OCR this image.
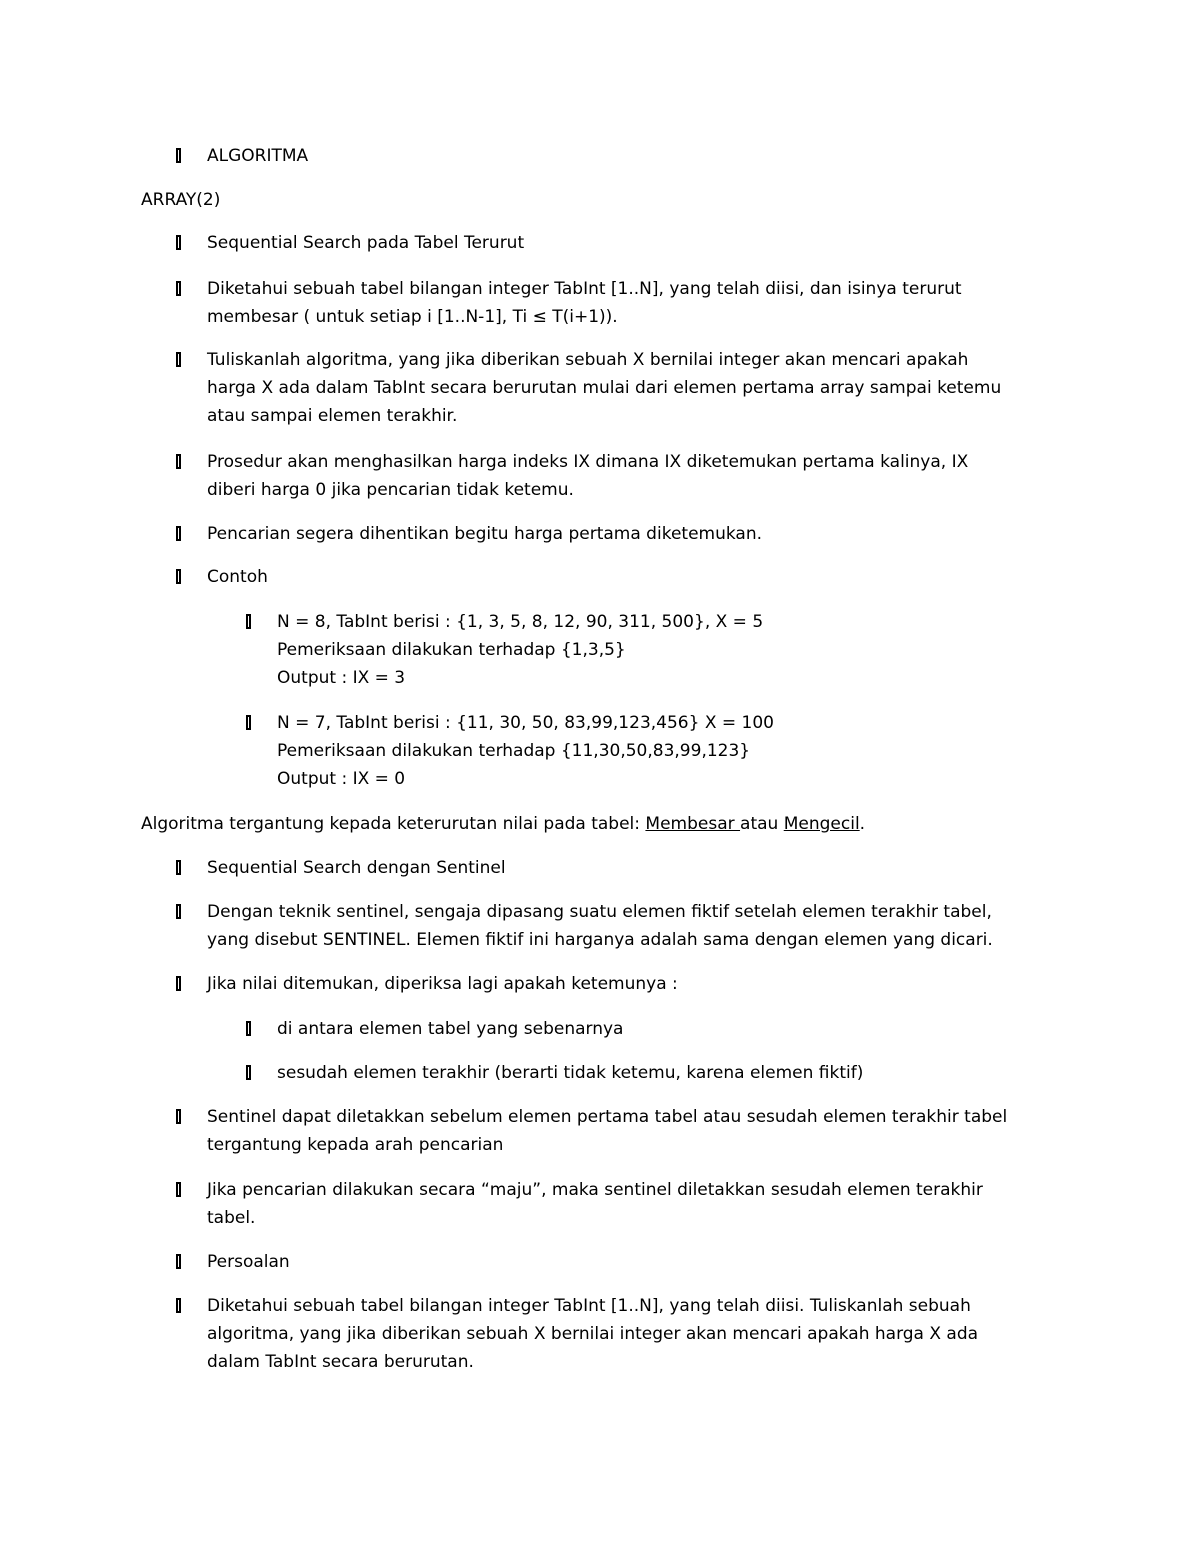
ALGORITMA
ARRAY(2)
Sequential Search pada Tabel Terurut
Diketahui sebuah tabel bilangan integer TabInt [1..N], yang telah diisi, dan isinya terurut
membesar ( untuk setiap i [1..N-1], Ti ≤ T(i+1)).
Tuliskanlah algoritma, yang jika diberikan sebuah X bernilai integer akan mencari apakah
harga X ada dalam TabInt secara berurutan mulai dari elemen pertama array sampai ketemu
atau sampai elemen terakhir.
Prosedur akan menghasilkan harga indeks IX dimana IX diketemukan pertama kalinya, IX
diberi harga 0 jika pencarian tidak ketemu.
Pencarian segera dihentikan begitu harga pertama diketemukan.
Contoh
N = 8, TabInt berisi : {1, 3, 5, 8, 12, 90, 311, 500}, X = 5
Pemeriksaan dilakukan terhadap {1,3,5}
Output : IX = 3
N = 7, TabInt berisi : {11, 30, 50, 83,99,123,456} X = 100
Pemeriksaan dilakukan terhadap {11,30,50,83,99,123}
Output : IX = 0
Algoritma tergantung kepada keterurutan nilai pada tabel: Membesar atau Mengecil.
Sequential Search dengan Sentinel
Dengan teknik sentinel, sengaja dipasang suatu elemen fiktif setelah elemen terakhir tabel,
yang disebut SENTINEL. Elemen fiktif ini harganya adalah sama dengan elemen yang dicari.
Jika nilai ditemukan, diperiksa lagi apakah ketemunya :
di antara elemen tabel yang sebenarnya
sesudah elemen terakhir (berarti tidak ketemu, karena elemen fiktif)
Sentinel dapat diletakkan sebelum elemen pertama tabel atau sesudah elemen terakhir tabel
tergantung kepada arah pencarian
Jika pencarian dilakukan secara “maju”, maka sentinel diletakkan sesudah elemen terakhir
tabel.
Persoalan
Diketahui sebuah tabel bilangan integer TabInt [1..N], yang telah diisi. Tuliskanlah sebuah
algoritma, yang jika diberikan sebuah X bernilai integer akan mencari apakah harga X ada
dalam TabInt secara berurutan.
